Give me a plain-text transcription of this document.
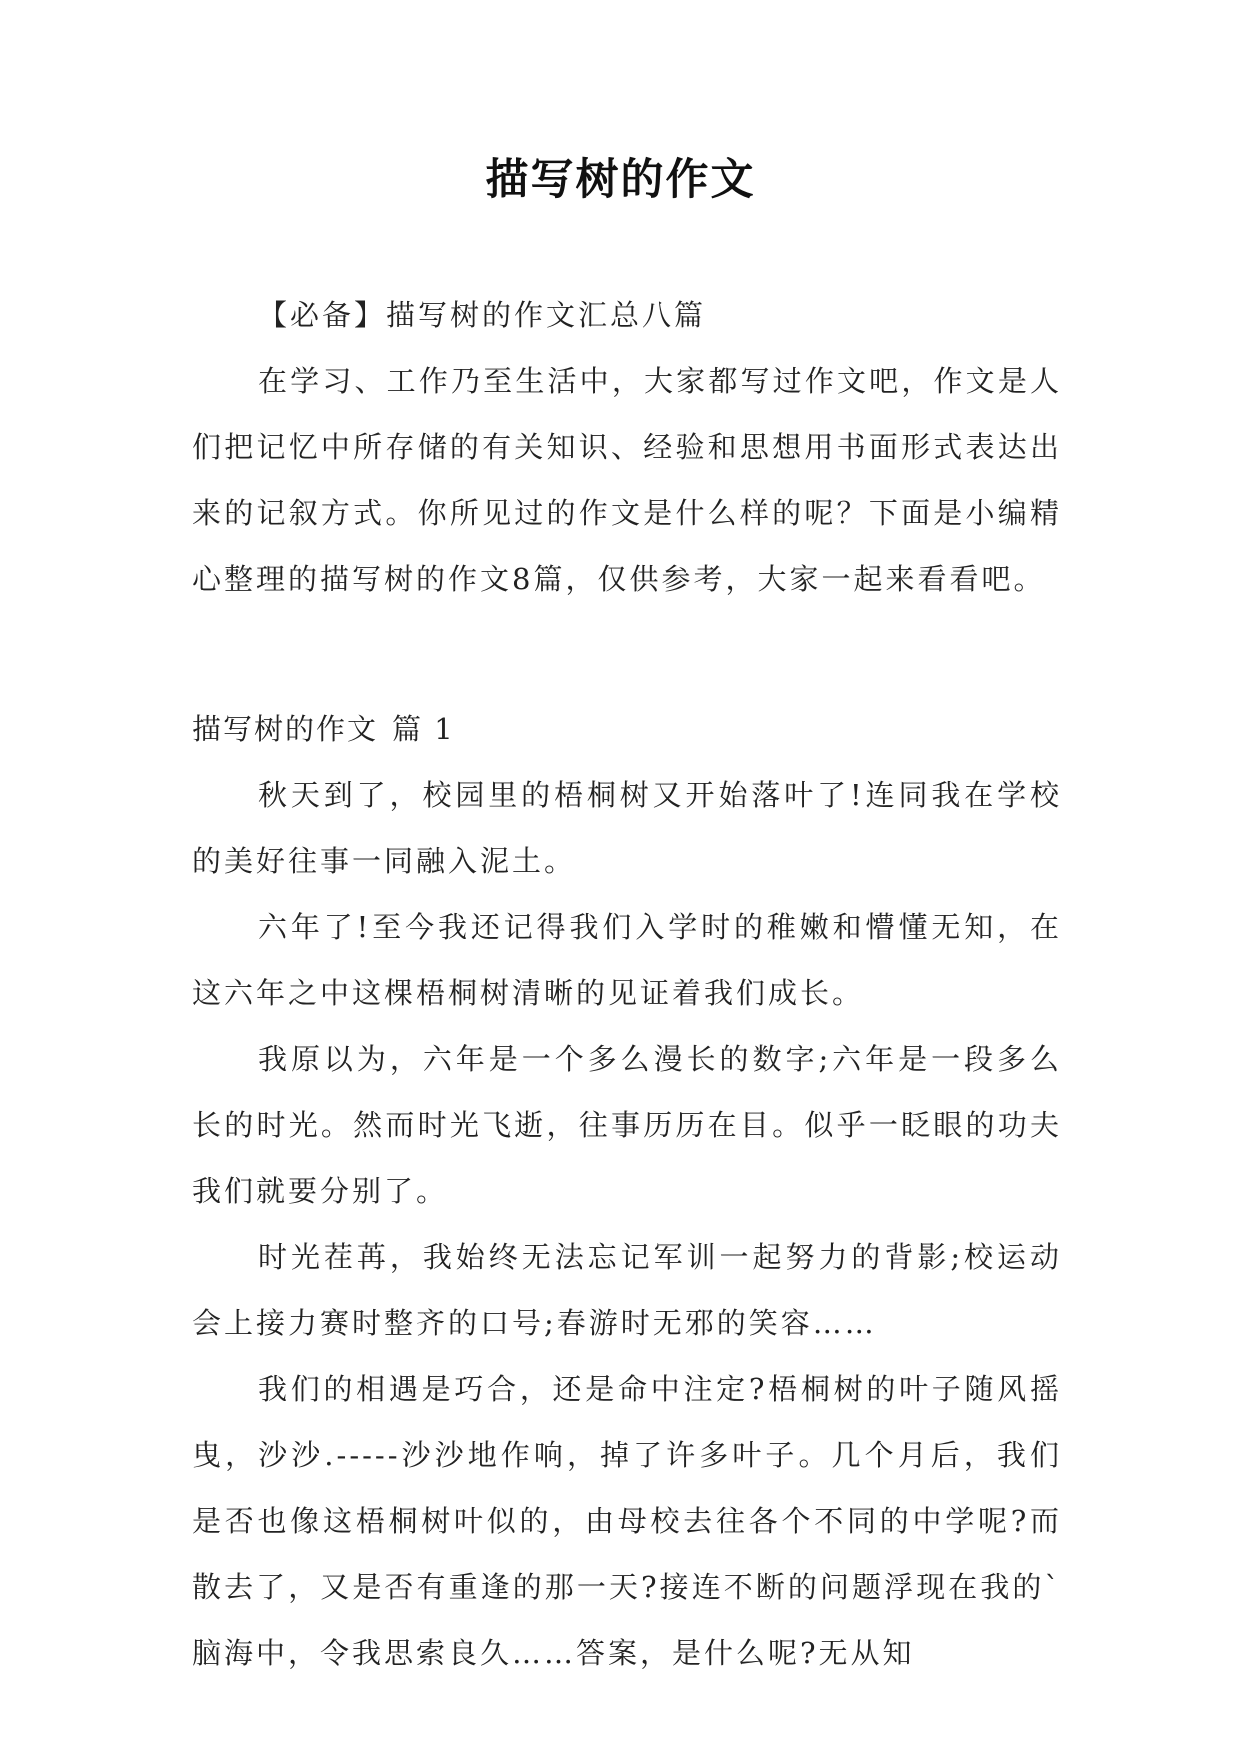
描写树的作文

【必备】描写树的作文汇总八篇

在学习、工作乃至生活中，大家都写过作文吧，作文是人们把记忆中所存储的有关知识、经验和思想用书面形式表达出来的记叙方式。你所见过的作文是什么样的呢？下面是小编精心整理的描写树的作文8篇，仅供参考，大家一起来看看吧。

描写树的作文 篇 1

秋天到了，校园里的梧桐树又开始落叶了!连同我在学校的美好往事一同融入泥土。

六年了!至今我还记得我们入学时的稚嫩和懵懂无知，在这六年之中这棵梧桐树清晰的见证着我们成长。

我原以为，六年是一个多么漫长的数字;六年是一段多么长的时光。然而时光飞逝，往事历历在目。似乎一眨眼的功夫我们就要分别了。

时光茬苒，我始终无法忘记军训一起努力的背影;校运动会上接力赛时整齐的口号;春游时无邪的笑容……

我们的相遇是巧合，还是命中注定?梧桐树的叶子随风摇曳，沙沙.-----沙沙地作响，掉了许多叶子。几个月后，我们是否也像这梧桐树叶似的，由母校去往各个不同的中学呢?而散去了，又是否有重逢的那一天?接连不断的问题浮现在我的`脑海中，令我思索良久……答案，是什么呢?无从知
